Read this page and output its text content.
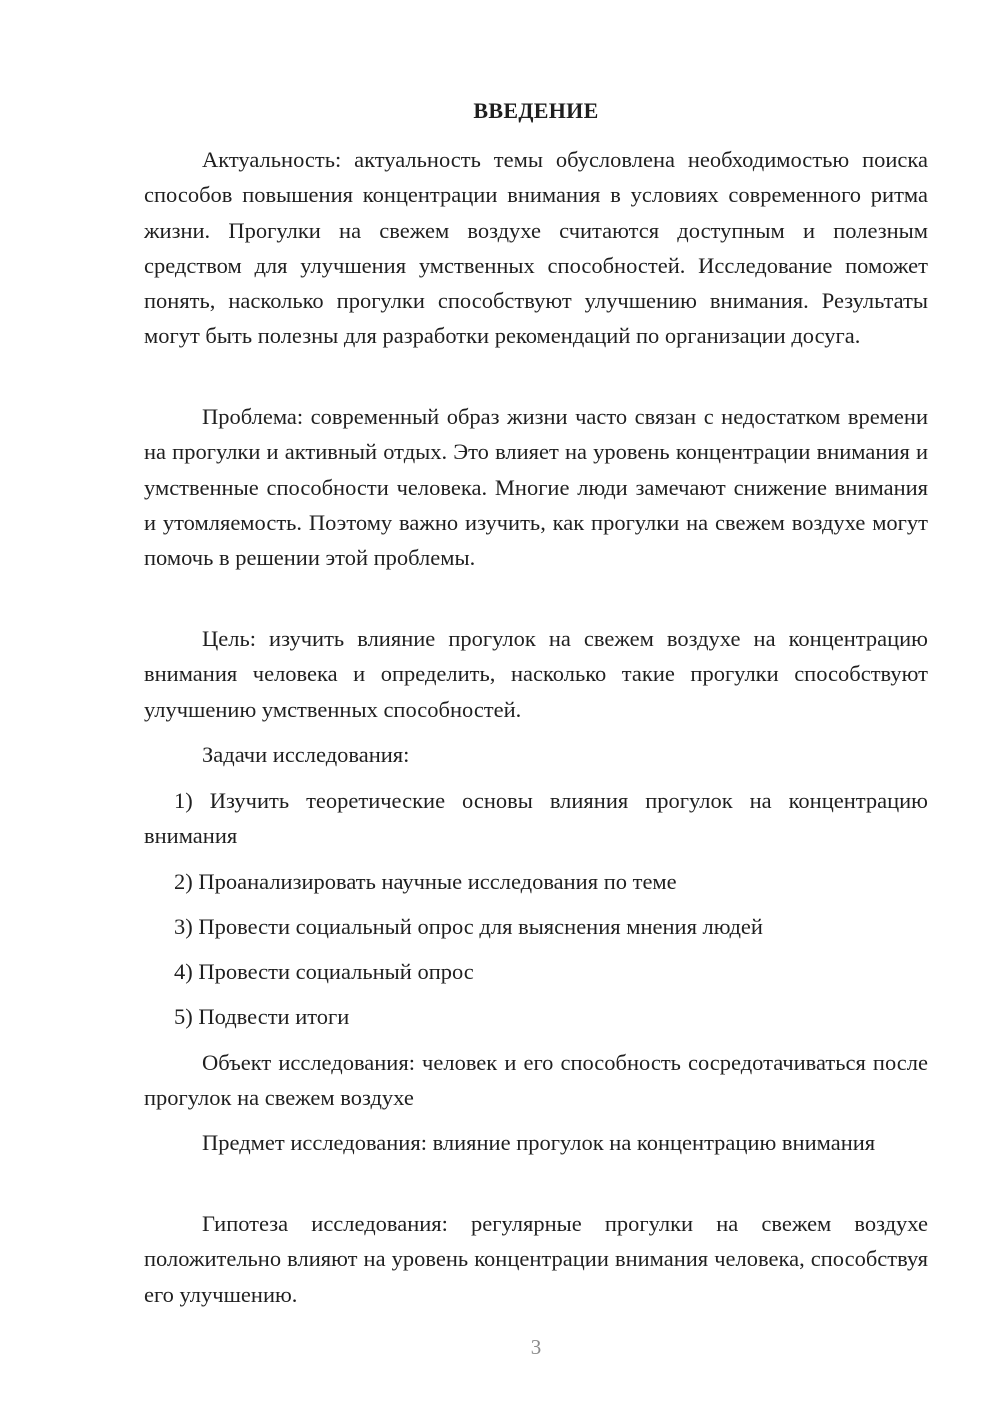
ВВЕДЕНИЕ

Актуальность: актуальность темы обусловлена необходимостью поиска способов повышения концентрации внимания в условиях современного ритма жизни. Прогулки на свежем воздухе считаются доступным и полезным средством для улучшения умственных способностей. Исследование поможет понять, насколько прогулки способствуют улучшению внимания. Результаты могут быть полезны для разработки рекомендаций по организации досуга.

Проблема: современный образ жизни часто связан с недостатком времени на прогулки и активный отдых. Это влияет на уровень концентрации внимания и умственные способности человека. Многие люди замечают снижение внимания и утомляемость. Поэтому важно изучить, как прогулки на свежем воздухе могут помочь в решении этой проблемы.

Цель: изучить влияние прогулок на свежем воздухе на концентрацию внимания человека и определить, насколько такие прогулки способствуют улучшению умственных способностей.

Задачи исследования:

1) Изучить теоретические основы влияния прогулок на концентрацию внимания

2) Проанализировать научные исследования по теме

3) Провести социальный опрос для выяснения мнения людей

4) Провести социальный опрос

5) Подвести итоги

Объект исследования: человек и его способность сосредотачиваться после прогулок на свежем воздухе

Предмет исследования: влияние прогулок на концентрацию внимания

Гипотеза исследования: регулярные прогулки на свежем воздухе положительно влияют на уровень концентрации внимания человека, способствуя его улучшению.

3
